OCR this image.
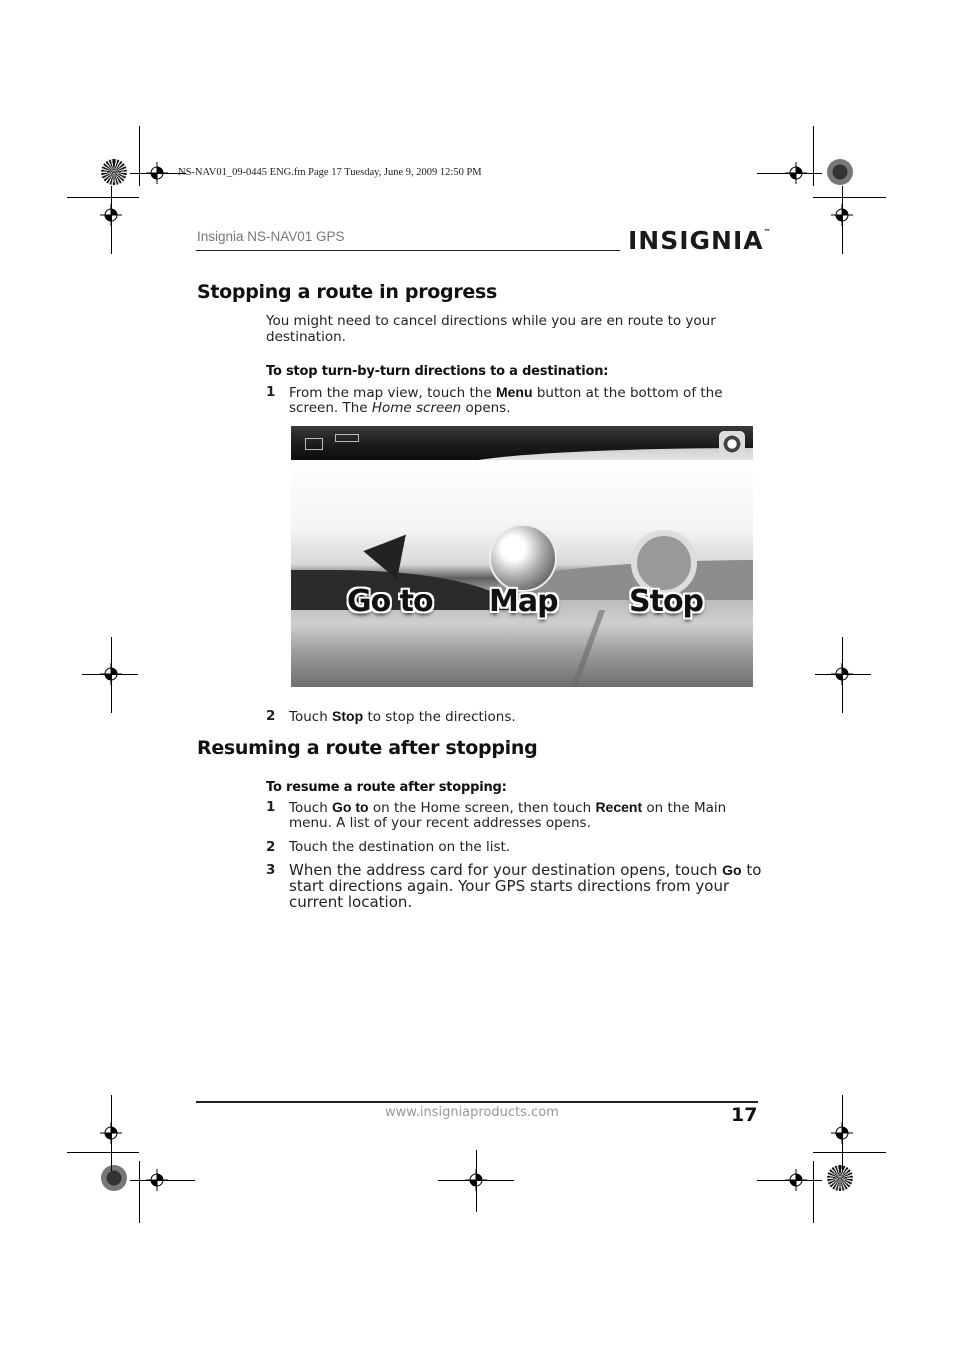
NS-NAV01_09-0445 ENG.fm Page 17 Tuesday, June 9, 2009 12:50 PM
Insignia NS-NAV01 GPS	INSIGNIA™
Stopping a route in progress
You might need to cancel directions while you are en route to your
destination.
To stop turn-by-turn directions to a destination:
1 From the map view, touch the Menu button at the bottom of the
screen. The Home screen opens.
Go to Map Stop
2 Touch Stop to stop the directions.
Resuming a route after stopping
To resume a route after stopping:
1 Touch Go to on the Home screen, then touch Recent on the Main
menu. A list of your recent addresses opens.
2 Touch the destination on the list.
3 When the address card for your destination opens, touch Go to
start directions again. Your GPS starts directions from your
current location.
www.insigniaproducts.com	17
